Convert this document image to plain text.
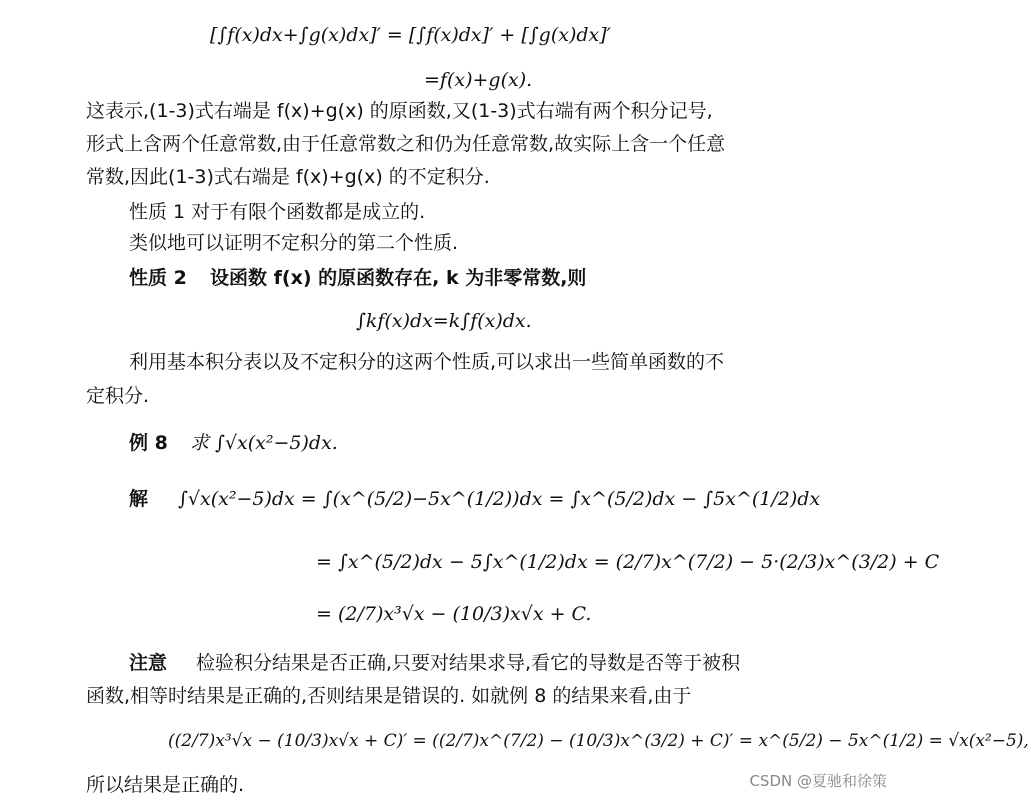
[∫f(x)dx+∫g(x)dx]′ = [∫f(x)dx]′ + [∫g(x)dx]′
=f(x)+g(x).
这表示,(1-3)式右端是 f(x)+g(x) 的原函数,又(1-3)式右端有两个积分记号,
形式上含两个任意常数,由于任意常数之和仍为任意常数,故实际上含一个任意
常数,因此(1-3)式右端是 f(x)+g(x) 的不定积分.
性质 1 对于有限个函数都是成立的.
类似地可以证明不定积分的第二个性质.
性质 2 设函数 f(x) 的原函数存在, k 为非零常数,则
∫kf(x)dx=k∫f(x)dx.
利用基本积分表以及不定积分的这两个性质,可以求出一些简单函数的不
定积分.
例 8 求 ∫√x(x²−5)dx.
解 ∫√x(x²−5)dx = ∫(x^(5/2)−5x^(1/2))dx = ∫x^(5/2)dx − ∫5x^(1/2)dx
= ∫x^(5/2)dx − 5∫x^(1/2)dx = (2/7)x^(7/2) − 5·(2/3)x^(3/2) + C
= (2/7)x³√x − (10/3)x√x + C.
注意 检验积分结果是否正确,只要对结果求导,看它的导数是否等于被积
函数,相等时结果是正确的,否则结果是错误的. 如就例 8 的结果来看,由于
((2/7)x³√x − (10/3)x√x + C)′ = ((2/7)x^(7/2) − (10/3)x^(3/2) + C)′ = x^(5/2) − 5x^(1/2) = √x(x²−5),
所以结果是正确的.	CSDN @夏驰和徐策
